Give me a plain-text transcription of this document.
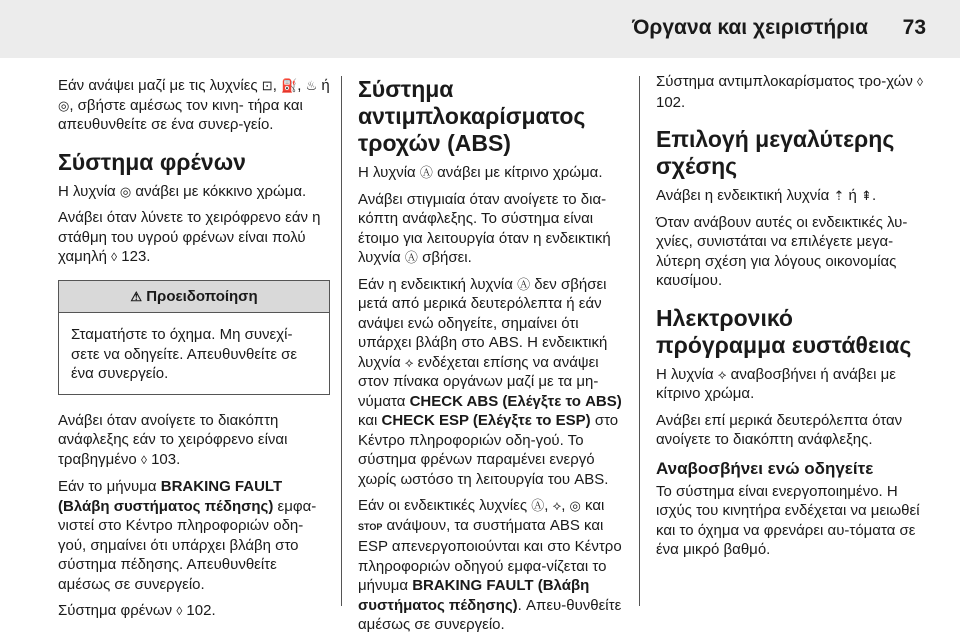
Όργανα και χειριστήρια 73

Εάν ανάψει μαζί με τις λυχνίες ⊡, ⛽, ♨ ή ◎, σβήστε αμέσως τον κινη- τήρα και απευθυνθείτε σε ένα συνερ-γείο.

Σύστημα φρένων

Η λυχνία ◎ ανάβει με κόκκινο χρώμα.

Ανάβει όταν λύνετε το χειρόφρενο εάν η στάθμη του υγρού φρένων είναι πολύ χαμηλή ◊ 123.

⚠ Προειδοποίηση
Σταματήστε το όχημα. Μη συνεχί-σετε να οδηγείτε. Απευθυνθείτε σε ένα συνεργείο.

Ανάβει όταν ανοίγετε το διακόπτη ανάφλεξης εάν το χειρόφρενο είναι τραβηγμένο ◊ 103.

Εάν το μήνυμα BRAKING FAULT (Βλάβη συστήματος πέδησης) εμφα-νιστεί στο Κέντρο πληροφοριών οδη-γού, σημαίνει ότι υπάρχει βλάβη στο σύστημα πέδησης. Απευθυνθείτε αμέσως σε συνεργείο.

Σύστημα φρένων ◊ 102.

Σύστημα αντιμπλοκαρίσματος τροχών (ABS)

Η λυχνία Ⓐ ανάβει με κίτρινο χρώμα.

Ανάβει στιγμιαία όταν ανοίγετε το δια-κόπτη ανάφλεξης. Το σύστημα είναι έτοιμο για λειτουργία όταν η ενδεικτική λυχνία Ⓐ σβήσει.

Εάν η ενδεικτική λυχνία Ⓐ δεν σβήσει μετά από μερικά δευτερόλεπτα ή εάν ανάψει ενώ οδηγείτε, σημαίνει ότι υπάρχει βλάβη στο ABS. Η ενδεικτική λυχνία ⟡ ενδέχεται επίσης να ανάψει στον πίνακα οργάνων μαζί με τα μη-νύματα CHECK ABS (Ελέγξτε το ABS) και CHECK ESP (Ελέγξτε το ESP) στο Κέντρο πληροφοριών οδη-γού. Το σύστημα φρένων παραμένει ενεργό χωρίς ωστόσο τη λειτουργία του ABS.

Εάν οι ενδεικτικές λυχνίες Ⓐ, ⟡, ◎ και STOP ανάψουν, τα συστήματα ABS και ESP απενεργοποιούνται και στο Κέντρο πληροφοριών οδηγού εμφα-νίζεται το μήνυμα BRAKING FAULT (Βλάβη συστήματος πέδησης). Απευ-θυνθείτε αμέσως σε συνεργείο.

Σύστημα αντιμπλοκαρίσματος τρο-χών ◊ 102.

Επιλογή μεγαλύτερης σχέσης

Ανάβει η ενδεικτική λυχνία ⇡ ή ⇞.

Όταν ανάβουν αυτές οι ενδεικτικές λυ-χνίες, συνιστάται να επιλέγετε μεγα-λύτερη σχέση για λόγους οικονομίας καυσίμου.

Ηλεκτρονικό πρόγραμμα ευστάθειας

Η λυχνία ⟡ αναβοσβήνει ή ανάβει με κίτρινο χρώμα.

Ανάβει επί μερικά δευτερόλεπτα όταν ανοίγετε το διακόπτη ανάφλεξης.

Αναβοσβήνει ενώ οδηγείτε

Το σύστημα είναι ενεργοποιημένο. Η ισχύς του κινητήρα ενδέχεται να μειωθεί και το όχημα να φρενάρει αυ-τόματα σε ένα μικρό βαθμό.
